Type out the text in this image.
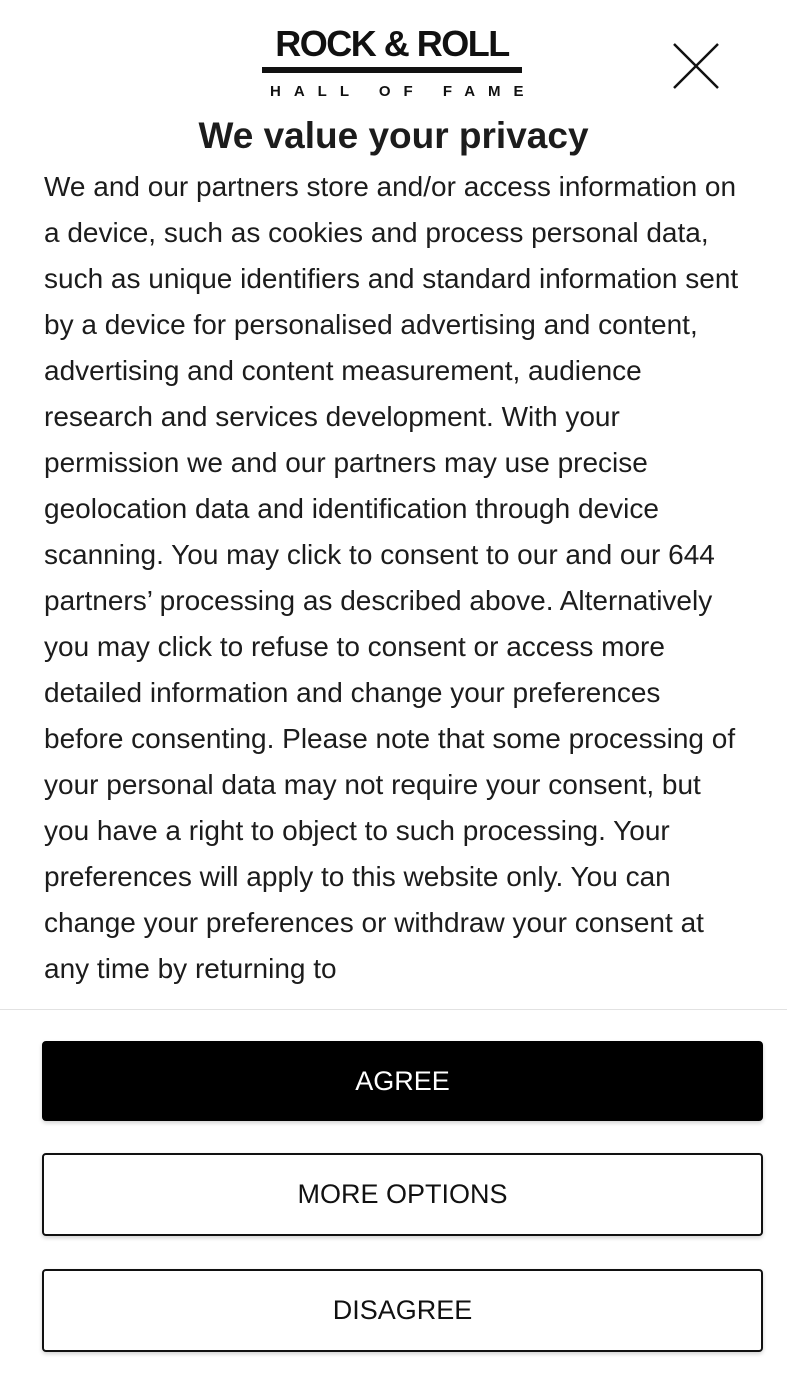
ROCK & ROLL
HALL OF FAME
We value your privacy

We and our partners store and/or access information on a device, such as cookies and process personal data, such as unique identifiers and standard information sent by a device for personalised advertising and content, advertising and content measurement, audience research and services development. With your permission we and our partners may use precise geolocation data and identification through device scanning. You may click to consent to our and our 644 partners’ processing as described above. Alternatively you may click to refuse to consent or access more detailed information and change your preferences before consenting. Please note that some processing of your personal data may not require your consent, but you have a right to object to such processing. Your preferences will apply to this website only. You can change your preferences or withdraw your consent at any time by returning to

AGREE
MORE OPTIONS
DISAGREE
